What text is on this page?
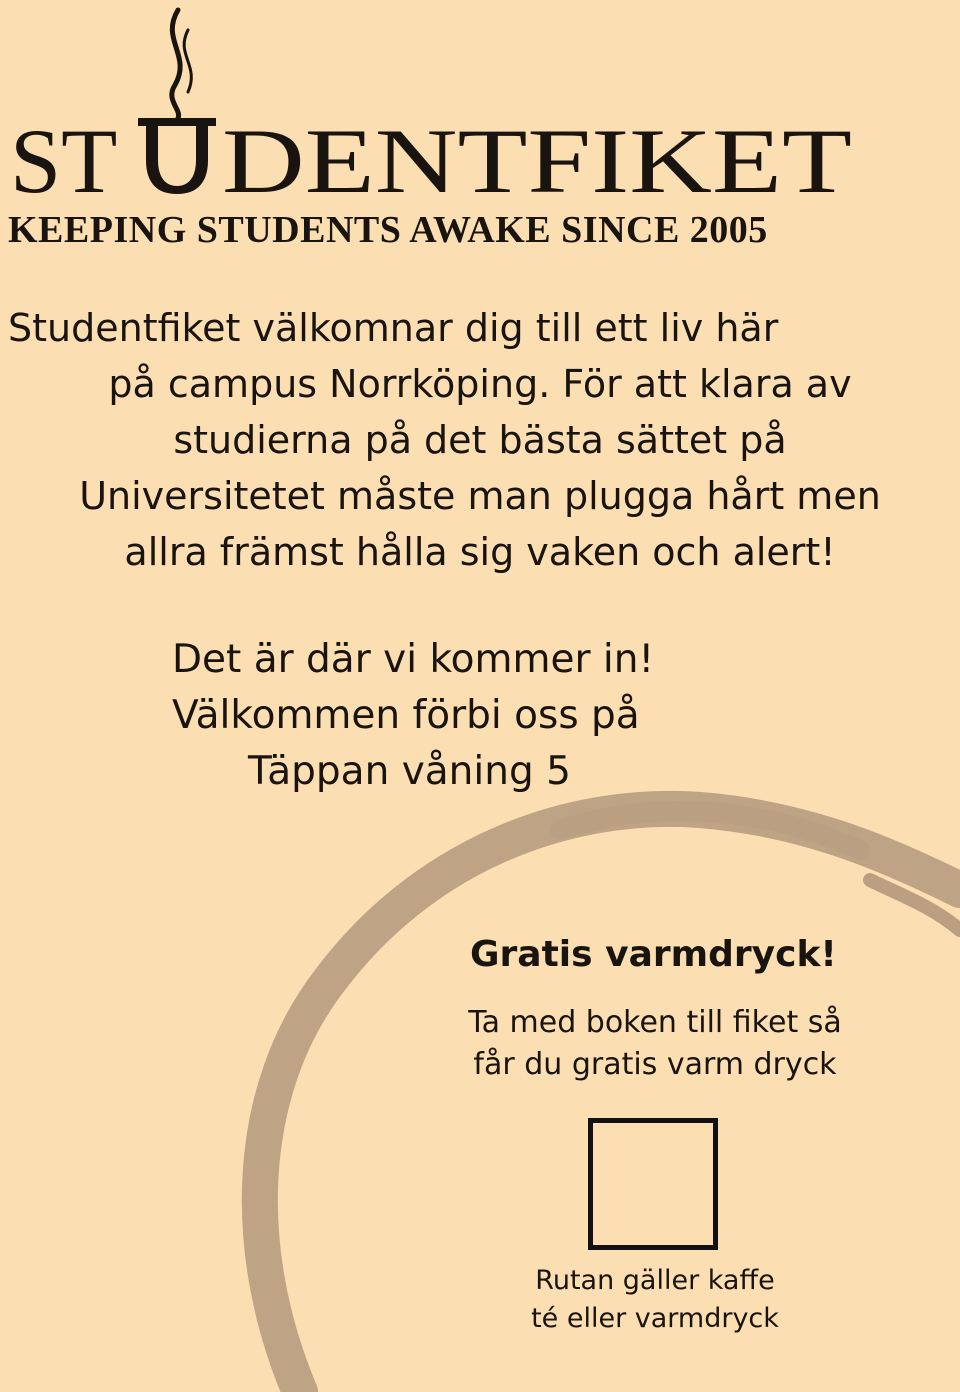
ST DENTFIKET
KEEPING STUDENTS AWAKE SINCE 2005
Studentfiket välkomnar dig till ett liv här
på campus Norrköping. För att klara av
studierna på det bästa sättet på
Universitetet måste man plugga hårt men
allra främst hålla sig vaken och alert!
Det är där vi kommer in!
Välkommen förbi oss på
Täppan våning 5
Gratis varmdryck!
Ta med boken till fiket så
får du gratis varm dryck
Rutan gäller kaffe
té eller varmdryck
